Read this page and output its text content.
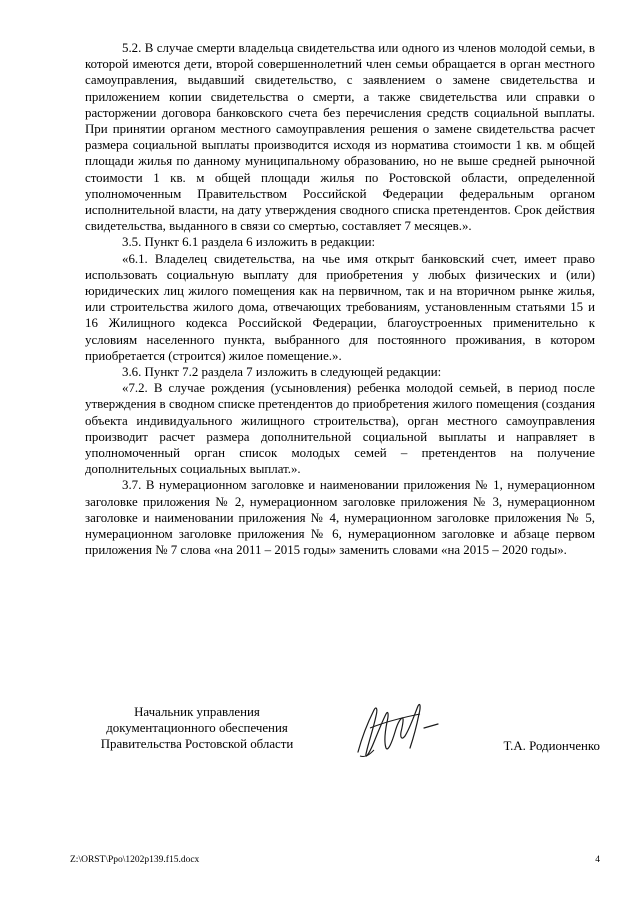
5.2. В случае смерти владельца свидетельства или одного из членов молодой семьи, в которой имеются дети, второй совершеннолетний член семьи обращается в орган местного самоуправления, выдавший свидетельство, с заявлением о замене свидетельства и приложением копии свидетельства о смерти, а также свидетельства или справки о расторжении договора банковского счета без перечисления средств социальной выплаты. При принятии органом местного самоуправления решения о замене свидетельства расчет размера социальной выплаты производится исходя из норматива стоимости 1 кв. м общей площади жилья по данному муниципальному образованию, но не выше средней рыночной стоимости 1 кв. м общей площади жилья по Ростовской области, определенной уполномоченным Правительством Российской Федерации федеральным органом исполнительной власти, на дату утверждения сводного списка претендентов. Срок действия свидетельства, выданного в связи со смертью, составляет 7 месяцев.».

3.5. Пункт 6.1 раздела 6 изложить в редакции:

«6.1. Владелец свидетельства, на чье имя открыт банковский счет, имеет право использовать социальную выплату для приобретения у любых физических и (или) юридических лиц жилого помещения как на первичном, так и на вторичном рынке жилья, или строительства жилого дома, отвечающих требованиям, установленным статьями 15 и 16 Жилищного кодекса Российской Федерации, благоустроенных применительно к условиям населенного пункта, выбранного для постоянного проживания, в котором приобретается (строится) жилое помещение.».

3.6. Пункт 7.2 раздела 7 изложить в следующей редакции:

«7.2. В случае рождения (усыновления) ребенка молодой семьей, в период после утверждения в сводном списке претендентов до приобретения жилого помещения (создания объекта индивидуального жилищного строительства), орган местного самоуправления производит расчет размера дополнительной социальной выплаты и направляет в уполномоченный орган список молодых семей – претендентов на получение дополнительных социальных выплат.».

3.7. В нумерационном заголовке и наименовании приложения № 1, нумерационном заголовке приложения № 2, нумерационном заголовке приложения № 3, нумерационном заголовке и наименовании приложения № 4, нумерационном заголовке приложения № 5, нумерационном заголовке приложения № 6, нумерационном заголовке и абзаце первом приложения № 7 слова «на 2011 – 2015 годы» заменить словами «на 2015 – 2020 годы».

Начальник управления
документационного обеспечения
Правительства Ростовской области	Т.А. Родионченко
Z:\ORST\Ppo\1202p139.f15.docx	4
